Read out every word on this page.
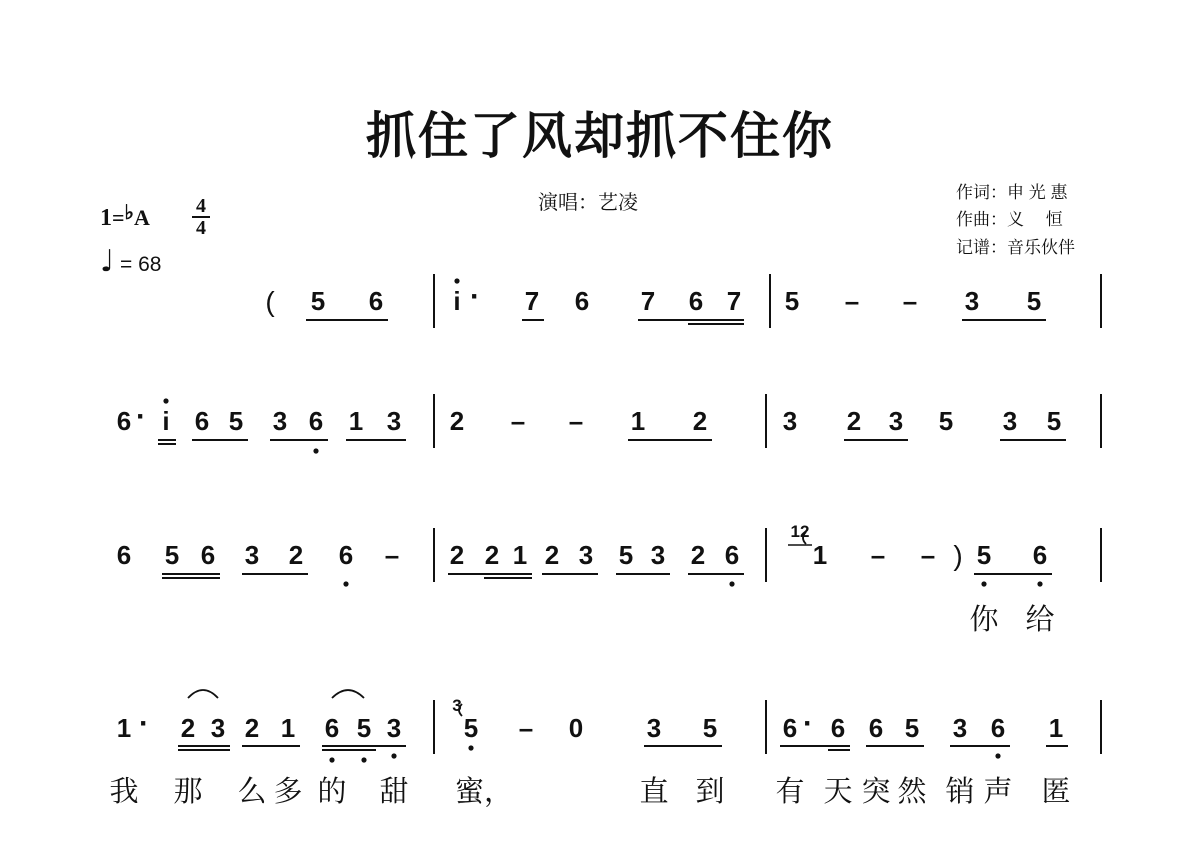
抓住了风却抓不住你
演唱：艺凌	作词：申 光 惠
作曲：义　 恒
记谱：音乐伙伴
1=♭A	4
4
♩ = 68
( 5 6	i · 7 6 7 6 7 5 – – 3 5
6 · i 6 5 3 6 1 3 2 – – 1 2	3 2 3 5 3 5
6 5 6 3 2 6 – 2 2 1 2 3 5 3 2 6	1 – – ) 5 6
1 · 2 3 2 1 6 5 3 5 – 0 3 5	6 · 6 6 5 3 6 1
12
3
你 给
我 那 么 多 的 甜 蜜，	直 到 有 天 突 然 销 声 匿
